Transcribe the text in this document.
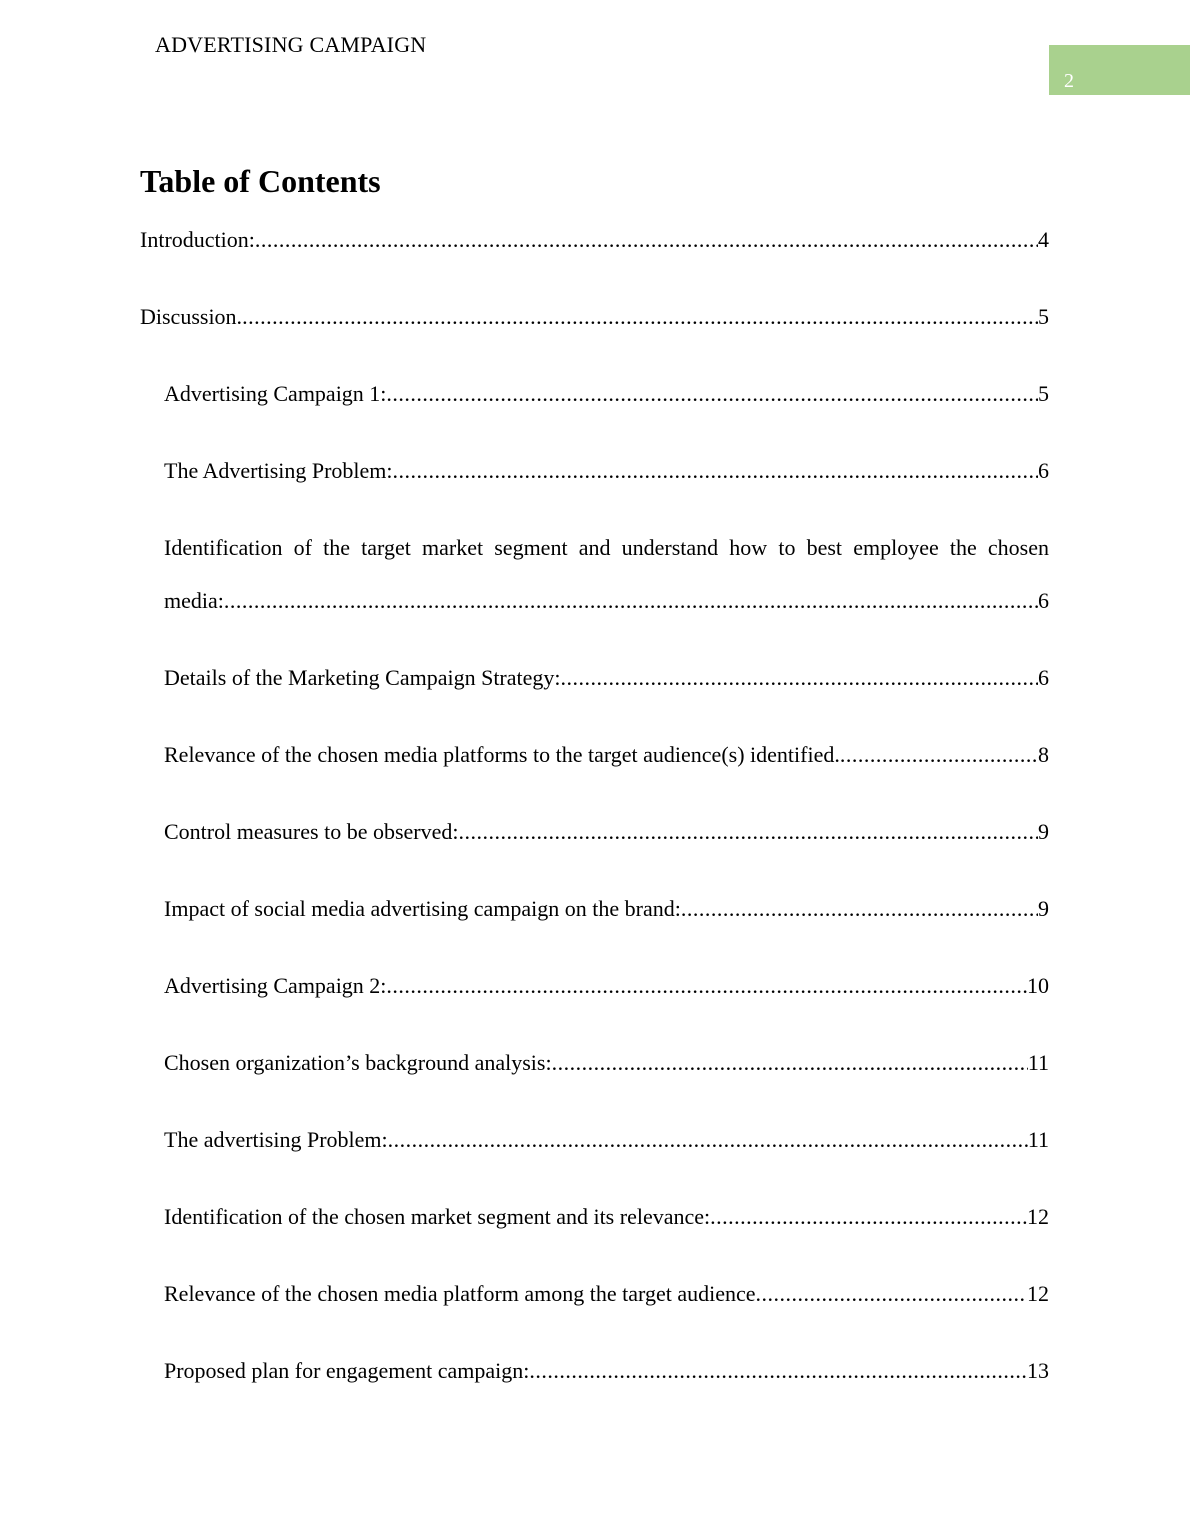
ADVERTISING CAMPAIGN
2
Table of Contents
Introduction: .....	4
Discussion. .....	5
Advertising Campaign 1: .....	5
The Advertising Problem: .....	6
Identification of the target market segment and understand how to best employee the chosen
media: .....	6
Details of the Marketing Campaign Strategy: .....	6
Relevance of the chosen media platforms to the target audience(s) identified. .....	8
Control measures to be observed: .....	9
Impact of social media advertising campaign on the brand: .....	9
Advertising Campaign 2: .....	10
Chosen organization’s background analysis: .....	11
The advertising Problem: .....	11
Identification of the chosen market segment and its relevance: .....	12
Relevance of the chosen media platform among the target audience .....	12
Proposed plan for engagement campaign: .....	13
